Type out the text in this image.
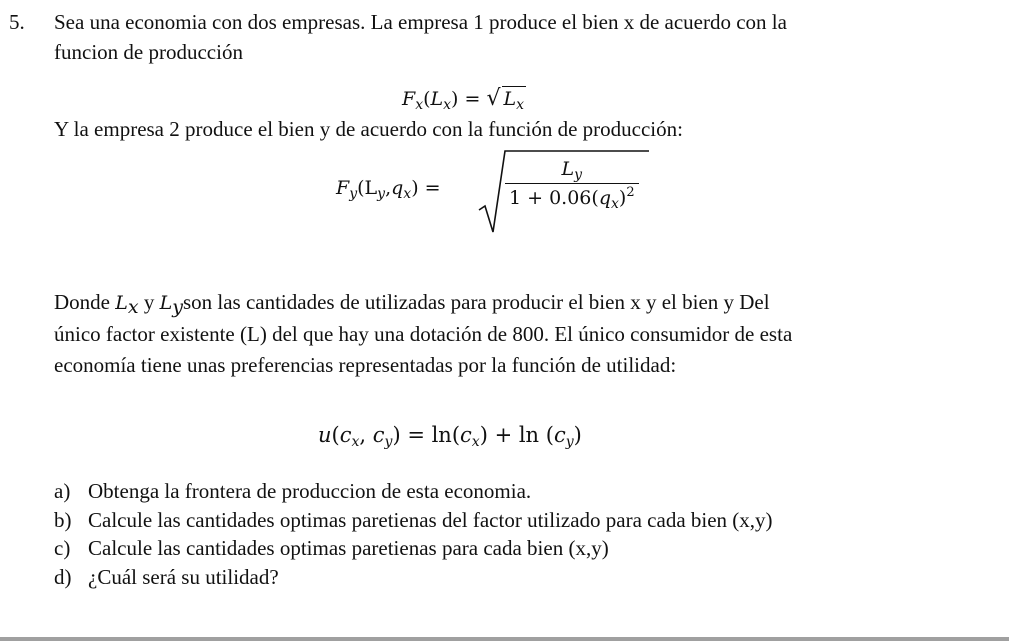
5. Sea una economia con dos empresas. La empresa 1 produce el bien x de acuerdo con la
funcion de producción
$F_x(L_x)$ = √ $L_x$
Y la empresa 2 produce el bien y de acuerdo con la función de producción:
$F_y(L_y,q_x)$ =	$\frac{L_y}{1 + 0.06(q_x)^2}$
Donde $L_x$ y $L_yson$ las cantidades de utilizadas para producir el bien x y el bien y Del
único factor existente (L) del que hay una dotación de 800. El único consumidor de esta
economía tiene unas preferencias representadas por la función de utilidad:
$u(c_x$, $c_y) = \ln(c_x) + \ln (c_y)$
a) Obtenga la frontera de produccion de esta economia.
b) Calcule las cantidades optimas paretienas del factor utilizado para cada bien (x,y)
c) Calcule las cantidades optimas paretienas para cada bien (x,y)
d) ¿Cuál será su utilidad?
